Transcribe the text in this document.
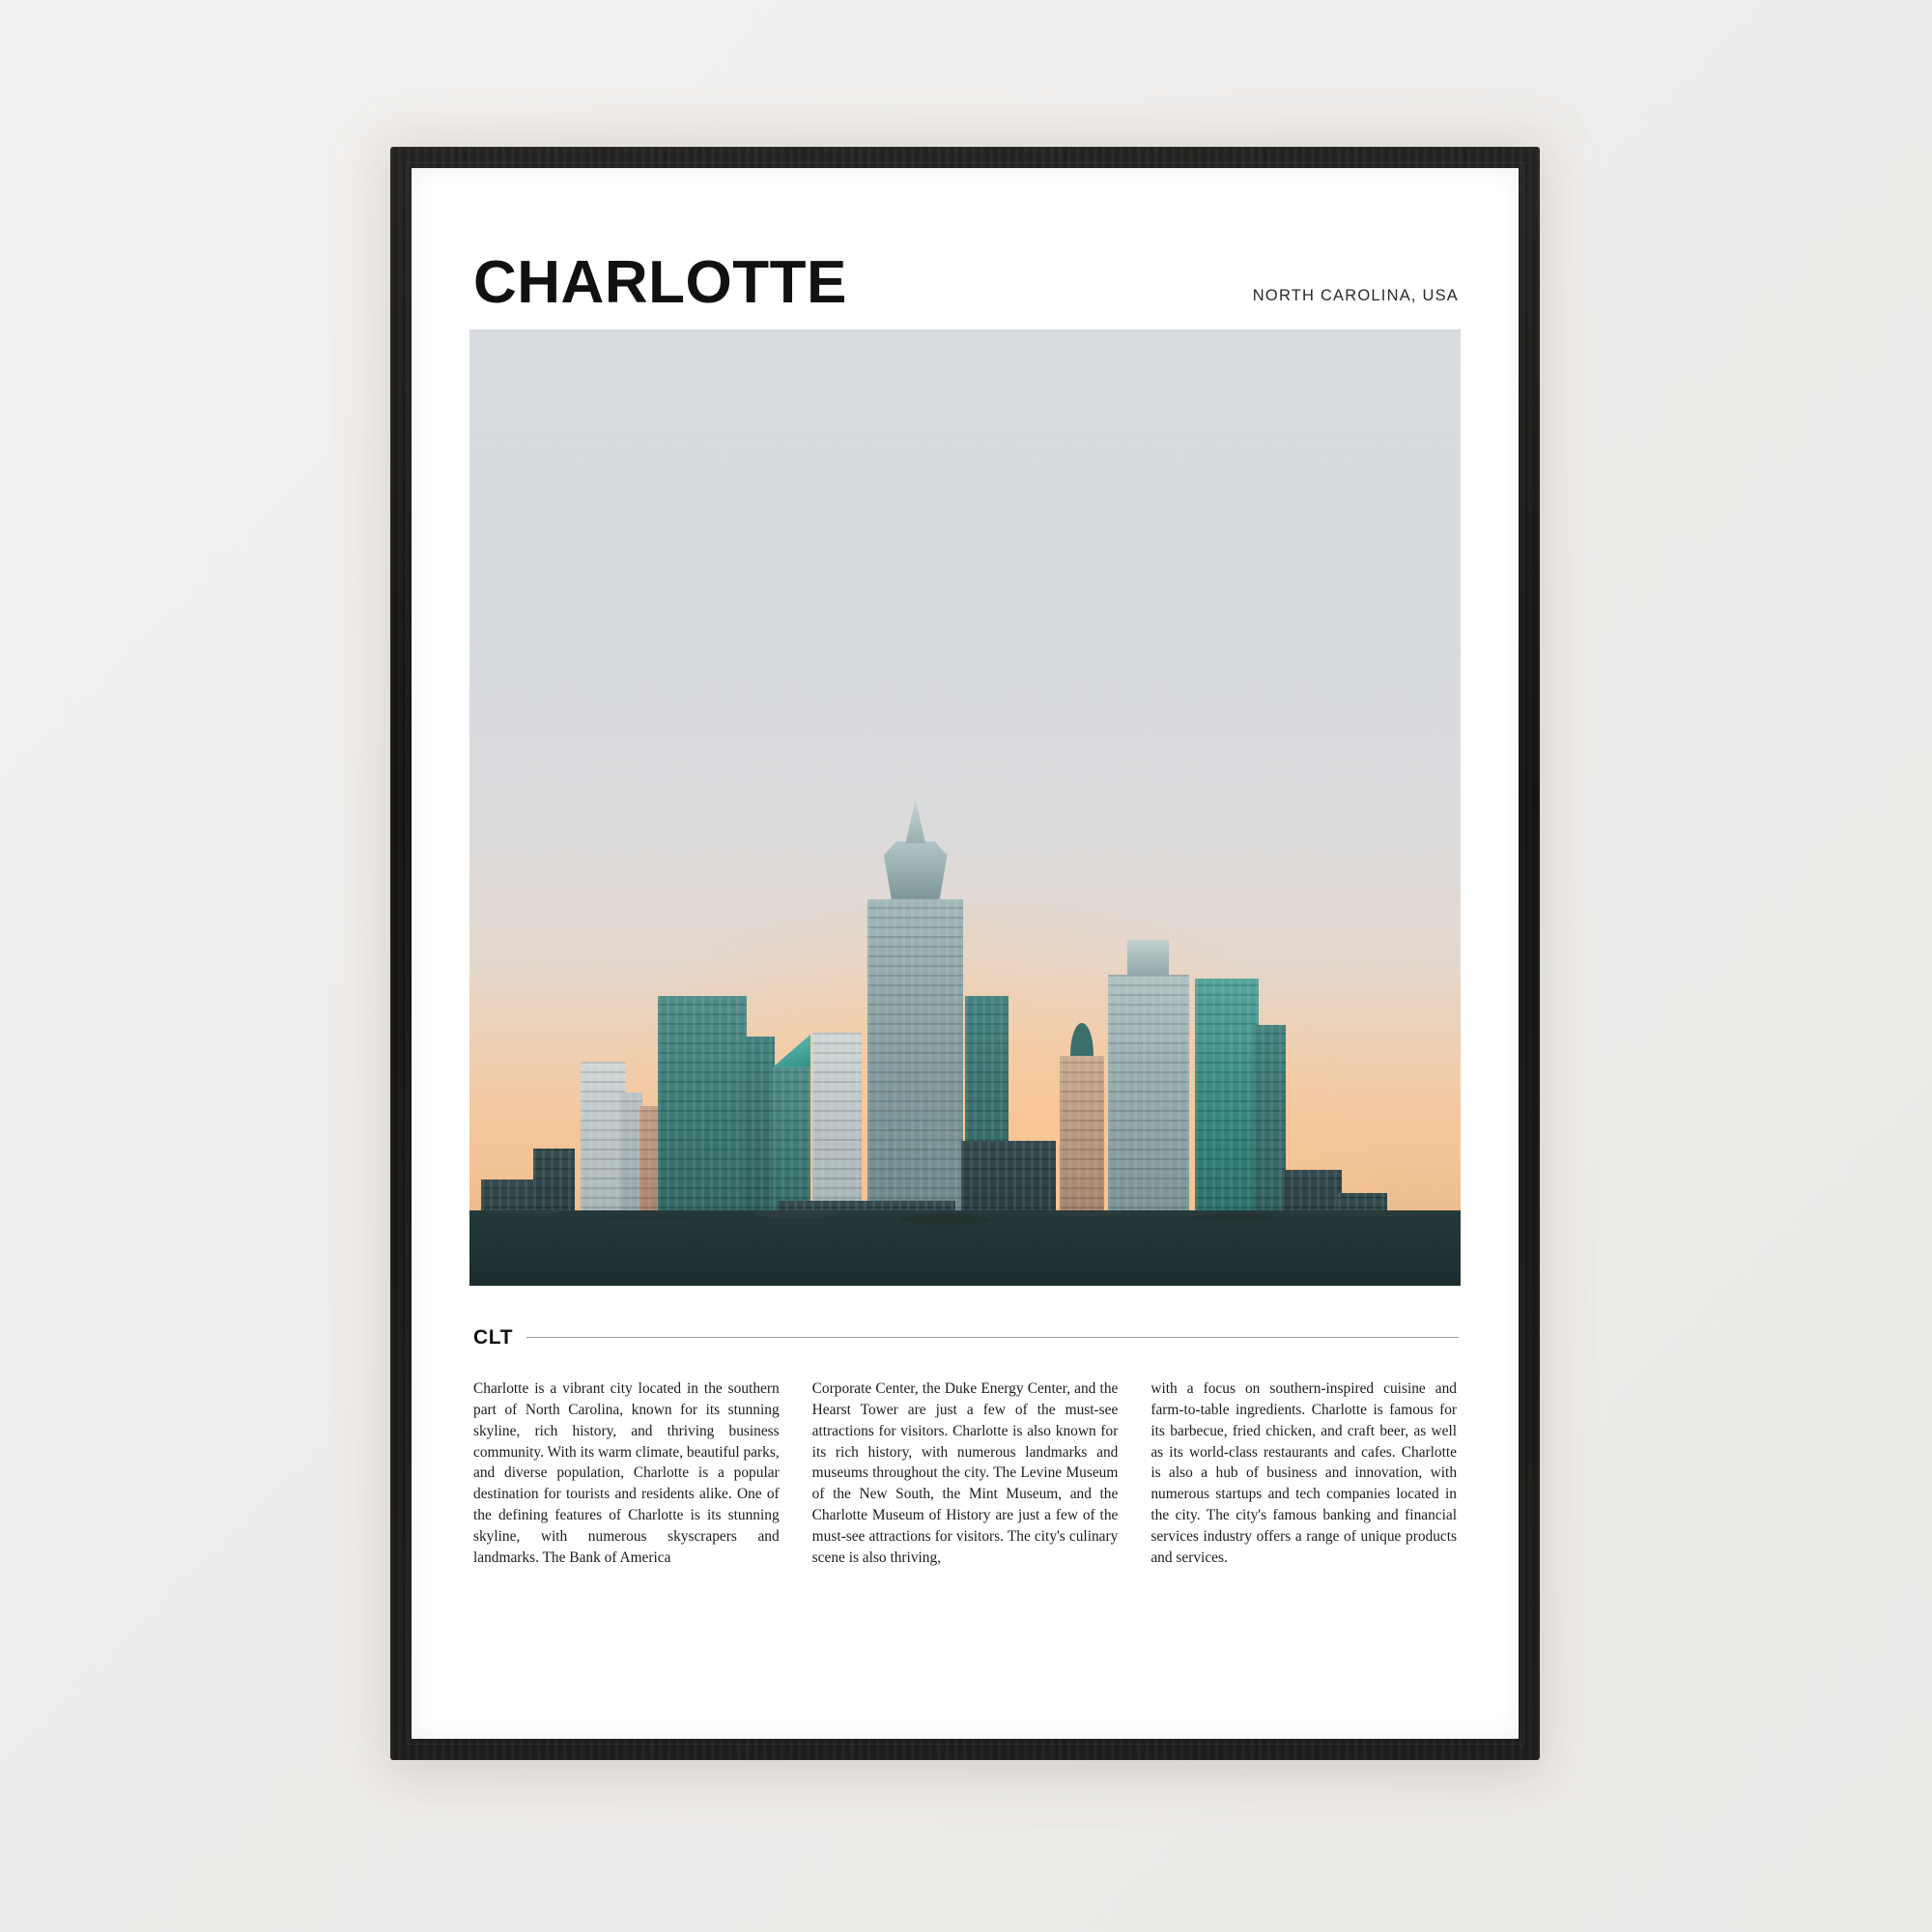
CHARLOTTE	NORTH CAROLINA, USA
CLT

Charlotte is a vibrant city located in the southern part of North Carolina, known for its stunning skyline, rich history, and thriving business community. With its warm climate, beautiful parks, and diverse population, Charlotte is a popular destination for tourists and residents alike. One of the defining features of Charlotte is its stunning skyline, with numerous skyscrapers and landmarks. The Bank of America

Corporate Center, the Duke Energy Center, and the Hearst Tower are just a few of the must-see attractions for visitors. Charlotte is also known for its rich history, with numerous landmarks and museums throughout the city. The Levine Museum of the New South, the Mint Museum, and the Charlotte Museum of History are just a few of the must-see attractions for visitors. The city's culinary scene is also thriving,

with a focus on southern-inspired cuisine and farm-to-table ingredients. Charlotte is famous for its barbecue, fried chicken, and craft beer, as well as its world-class restaurants and cafes. Charlotte is also a hub of business and innovation, with numerous startups and tech companies located in the city. The city's famous banking and financial services industry offers a range of unique products and services.
